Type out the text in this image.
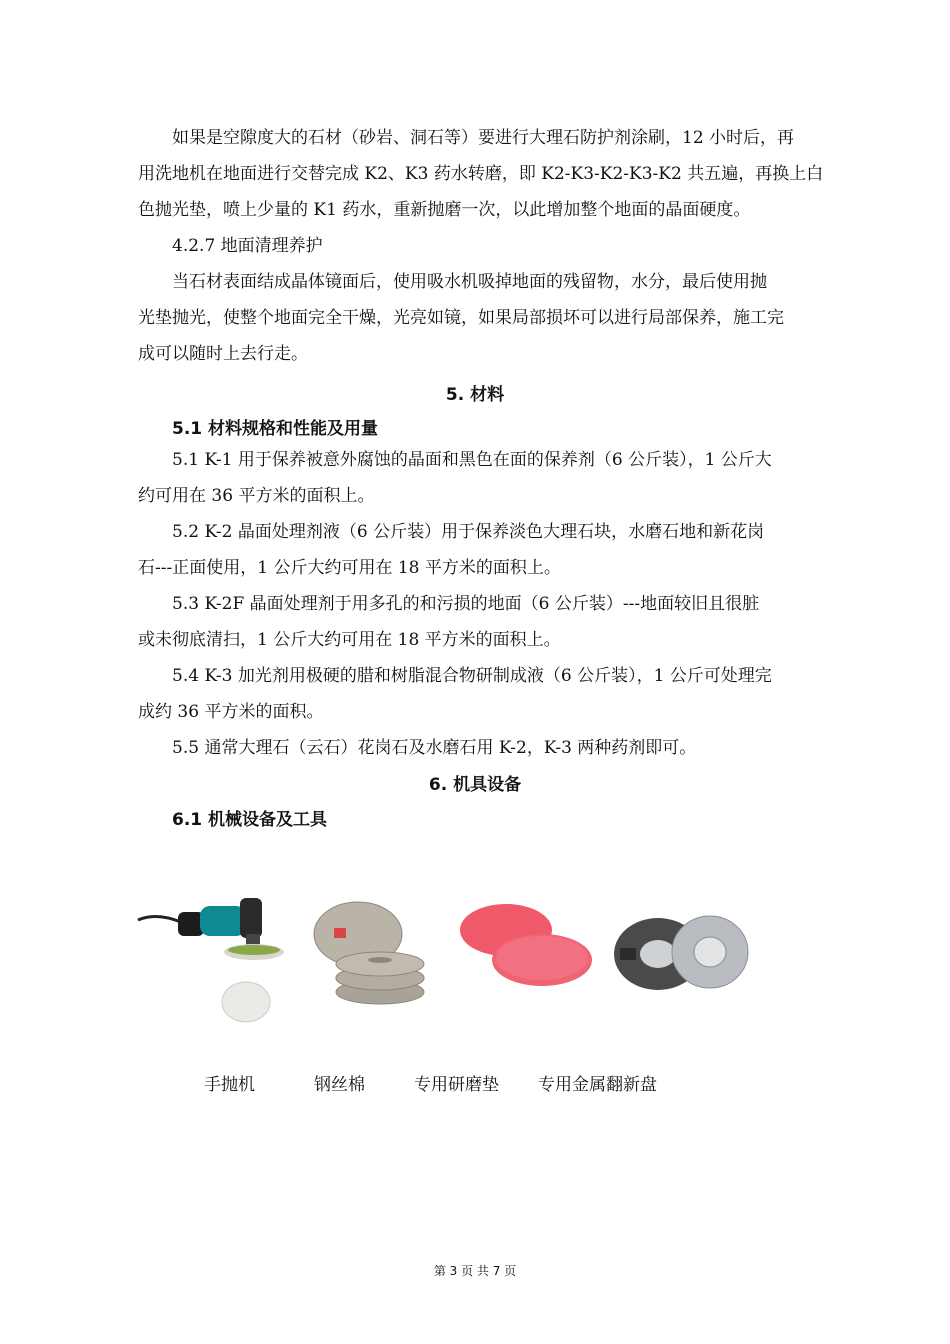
如果是空隙度大的石材（砂岩、洞石等）要进行大理石防护剂涂刷，12 小时后，再
用洗地机在地面进行交替完成 K2、K3 药水转磨，即 K2-K3-K2-K3-K2 共五遍，再换上白
色抛光垫，喷上少量的 K1 药水，重新抛磨一次，以此增加整个地面的晶面硬度。

4.2.7 地面清理养护

当石材表面结成晶体镜面后，使用吸水机吸掉地面的残留物，水分，最后使用抛
光垫抛光，使整个地面完全干燥，光亮如镜，如果局部损坏可以进行局部保养，施工完
成可以随时上去行走。

5. 材料
5.1 材料规格和性能及用量

5.1 K-1 用于保养被意外腐蚀的晶面和黑色在面的保养剂（6 公斤装），1 公斤大
约可用在 36 平方米的面积上。

5.2 K-2 晶面处理剂液（6 公斤装）用于保养淡色大理石块，水磨石地和新花岗
石---正面使用，1 公斤大约可用在 18 平方米的面积上。

5.3 K-2F 晶面处理剂于用多孔的和污损的地面（6 公斤装）---地面较旧且很脏
或未彻底清扫，1 公斤大约可用在 18 平方米的面积上。

5.4 K-3 加光剂用极硬的腊和树脂混合物研制成液（6 公斤装），1 公斤可处理完
成约 36 平方米的面积。

5.5 通常大理石（云石）花岗石及水磨石用 K-2，K-3 两种药剂即可。

6. 机具设备
6.1 机械设备及工具
手抛机	钢丝棉	专用研磨垫 专用金属翻新盘
第 3 页 共 7 页
